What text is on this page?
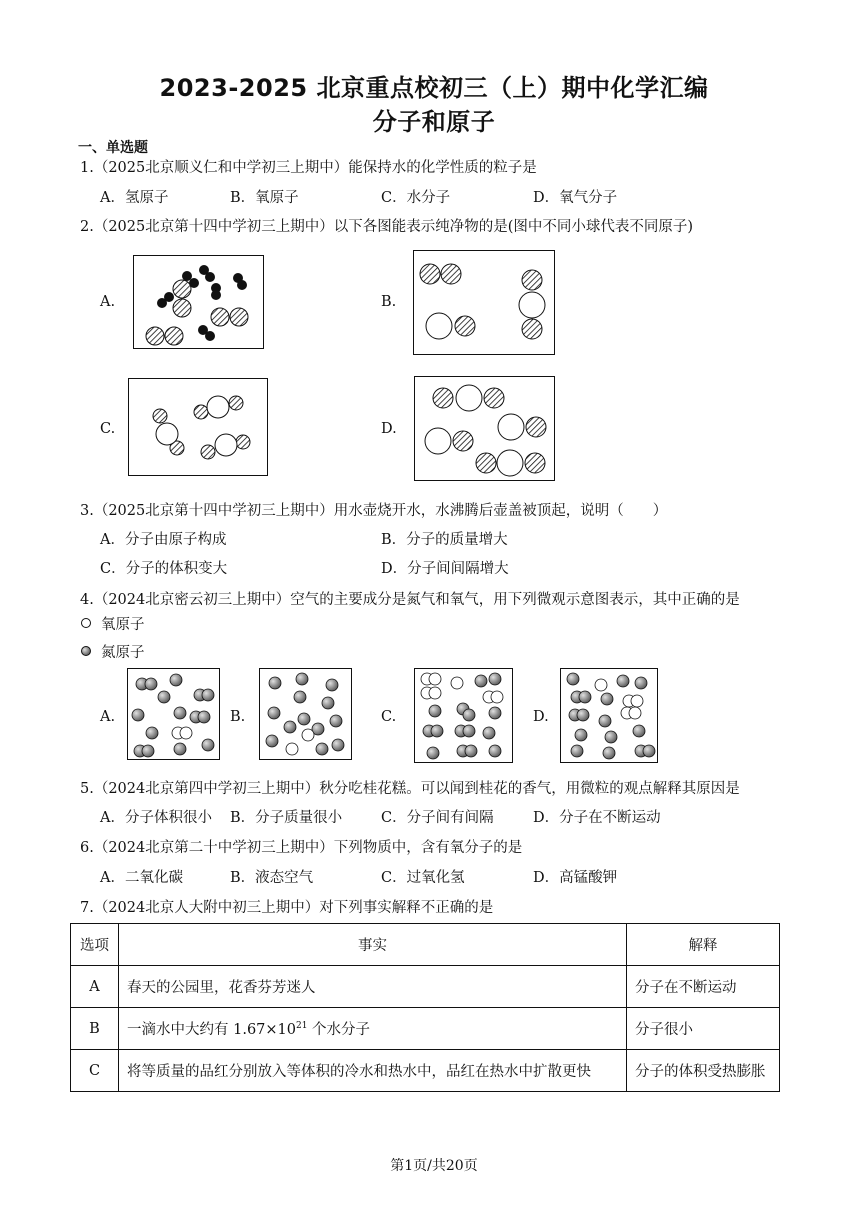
2023-2025 北京重点校初三（上）期中化学汇编
分子和原子
一、单选题
1.（2025北京顺义仁和中学初三上期中）能保持水的化学性质的粒子是
A．氢原子	B．氧原子	C．水分子	D．氧气分子
2.（2025北京第十四中学初三上期中）以下各图能表示纯净物的是(图中不同小球代表不同原子)
A.	B.
C.	D.
3.（2025北京第十四中学初三上期中）用水壶烧开水，水沸腾后壶盖被顶起，说明（　　）
A．分子由原子构成	B．分子的质量增大
C．分子的体积变大	D．分子间间隔增大
4.（2024北京密云初三上期中）空气的主要成分是氮气和氧气，用下列微观示意图表示，其中正确的是
氧原子
氮原子
A.	B.	C.	D.
5.（2024北京第四中学初三上期中）秋分吃桂花糕。可以闻到桂花的香气，用微粒的观点解释其原因是
A．分子体积很小 B．分子质量很小	C．分子间有间隔	D．分子在不断运动
6.（2024北京第二十中学初三上期中）下列物质中，含有氧分子的是
A．二氧化碳	B．液态空气	C．过氧化氢	D．高锰酸钾
7.（2024北京人大附中初三上期中）对下列事实解释不正确的是
选项	事实	解释
A	春天的公园里，花香芬芳迷人	分子在不断运动
B	一滴水中大约有 $1.67\times 10^{21}$ 个水分子	分子很小
C	将等质量的品红分别放入等体积的冷水和热水中，品红在热水中扩散更快	分子的体积受热膨胀
第1页/共20页
